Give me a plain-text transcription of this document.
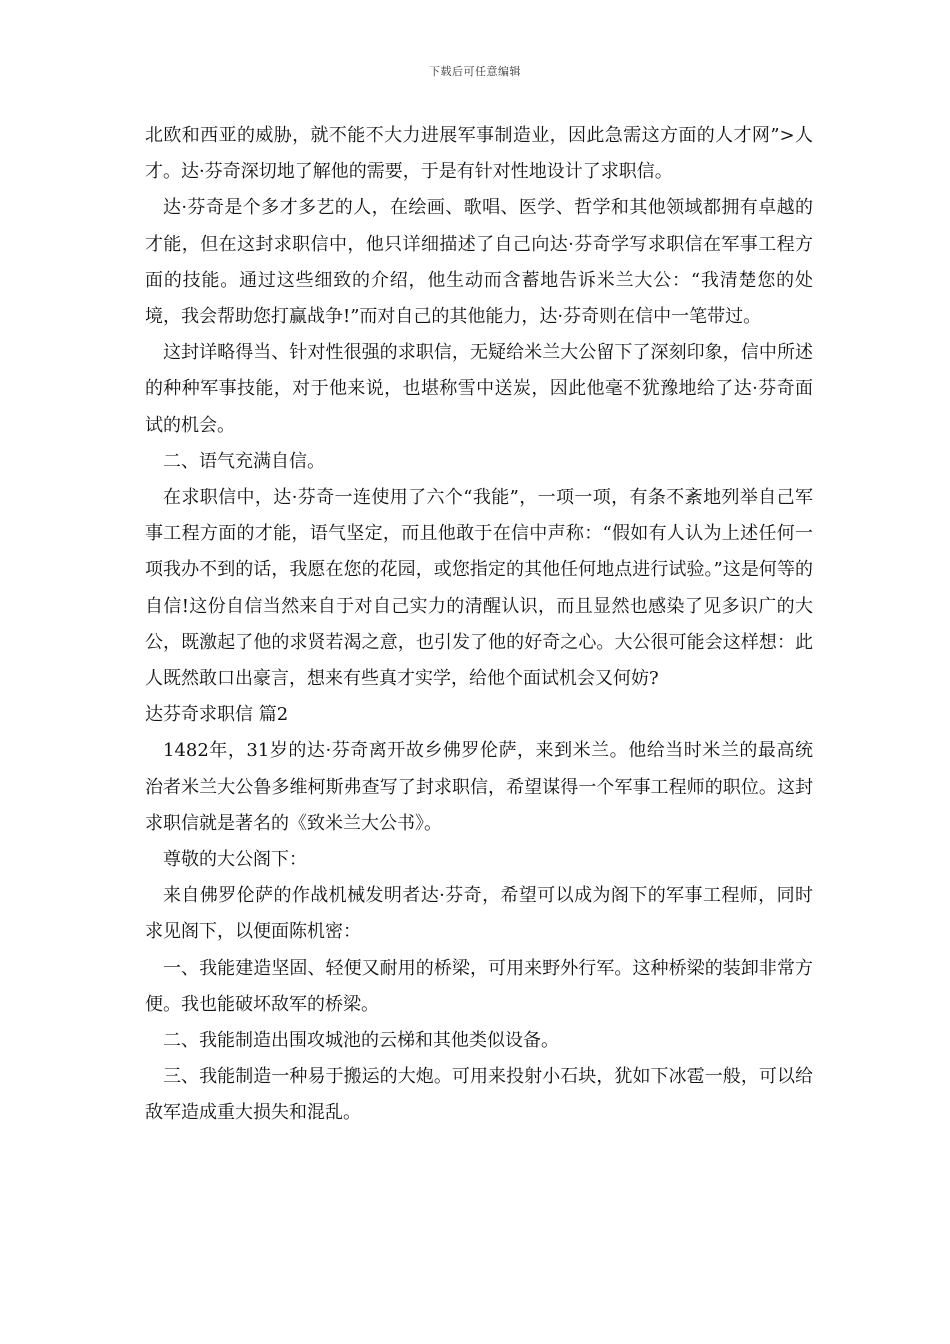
下载后可任意编辑

北欧和西亚的威胁，就不能不大力进展军事制造业，因此急需这方面的人才网”>人才。达·芬奇深切地了解他的需要，于是有针对性地设计了求职信。

达·芬奇是个多才多艺的人，在绘画、歌唱、医学、哲学和其他领域都拥有卓越的才能，但在这封求职信中，他只详细描述了自己向达·芬奇学写求职信在军事工程方面的技能。通过这些细致的介绍，他生动而含蓄地告诉米兰大公：“我清楚您的处境，我会帮助您打赢战争!”而对自己的其他能力，达·芬奇则在信中一笔带过。

这封详略得当、针对性很强的求职信，无疑给米兰大公留下了深刻印象，信中所述的种种军事技能，对于他来说，也堪称雪中送炭，因此他毫不犹豫地给了达·芬奇面试的机会。

二、语气充满自信。

在求职信中，达·芬奇一连使用了六个“我能”，一项一项，有条不紊地列举自己军事工程方面的才能，语气坚定，而且他敢于在信中声称：“假如有人认为上述任何一项我办不到的话，我愿在您的花园，或您指定的其他任何地点进行试验。”这是何等的自信!这份自信当然来自于对自己实力的清醒认识，而且显然也感染了见多识广的大公，既激起了他的求贤若渴之意，也引发了他的好奇之心。大公很可能会这样想：此人既然敢口出豪言，想来有些真才实学，给他个面试机会又何妨?

达芬奇求职信 篇2

1482年，31岁的达·芬奇离开故乡佛罗伦萨，来到米兰。他给当时米兰的最高统治者米兰大公鲁多维柯斯弗查写了封求职信，希望谋得一个军事工程师的职位。这封求职信就是著名的《致米兰大公书》。

尊敬的大公阁下：

来自佛罗伦萨的作战机械发明者达·芬奇，希望可以成为阁下的军事工程师，同时求见阁下，以便面陈机密：

一、我能建造坚固、轻便又耐用的桥梁，可用来野外行军。这种桥梁的装卸非常方便。我也能破坏敌军的桥梁。

二、我能制造出围攻城池的云梯和其他类似设备。

三、我能制造一种易于搬运的大炮。可用来投射小石块，犹如下冰雹一般，可以给敌军造成重大损失和混乱。
